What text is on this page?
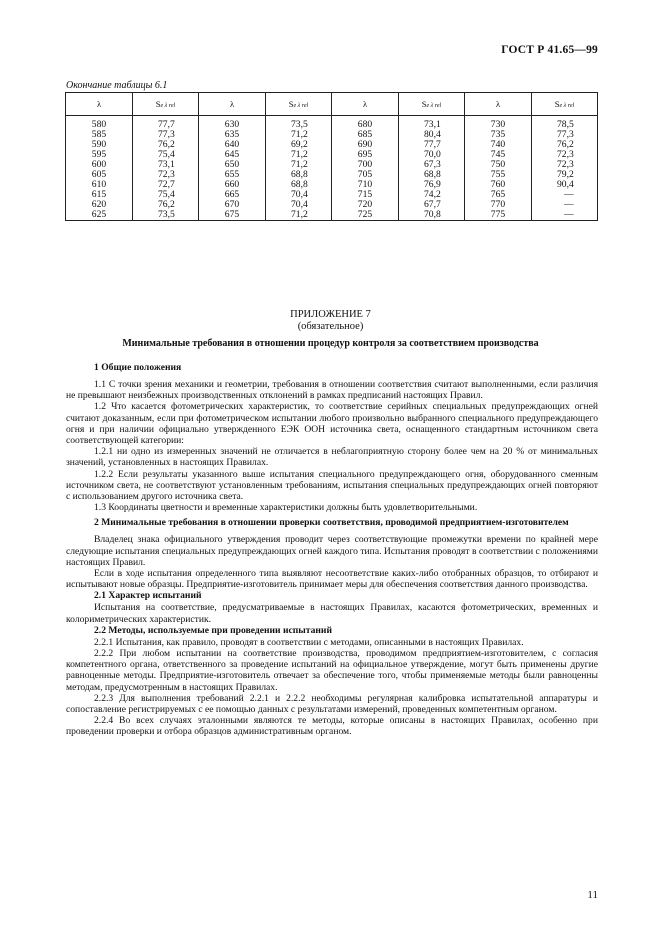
ГОСТ Р 41.65—99
Окончание таблицы 6.1
λ	Se λ rel	λ	Se λ rel	λ	Se λ rel	λ	Se λ rel
580	77,7	630	73,5	680	73,1	730	78,5
585	77,3	635	71,2	685	80,4	735	77,3
590	76,2	640	69,2	690	77,7	740	76,2
595	75,4	645	71,2	695	70,0	745	72,3
600	73,1	650	71,2	700	67,3	750	72,3
605	72,3	655	68,8	705	68,8	755	79,2
610	72,7	660	68,8	710	76,9	760	90,4
615	75,4	665	70,4	715	74,2	765	—
620	76,2	670	70,4	720	67,7	770	—
625	73,5	675	71,2	725	70,8	775	—
ПРИЛОЖЕНИЕ 7
(обязательное)
Минимальные требования в отношении процедур контроля за соответствием производства
1 Общие положения

1.1 С точки зрения механики и геометрии, требования в отношении соответствия считают выполненными, если различия не превышают неизбежных производственных отклонений в рамках предписаний настоящих Правил.

1.2 Что касается фотометрических характеристик, то соответствие серийных специальных предупреждающих огней считают доказанным, если при фотометрическом испытании любого произвольно выбранного специального предупреждающего огня и при наличии официально утвержденного ЕЭК ООН источника света, оснащенного стандартным источником света соответствующей категории:

1.2.1 ни одно из измеренных значений не отличается в неблагоприятную сторону более чем на 20 % от минимальных значений, установленных в настоящих Правилах.

1.2.2 Если результаты указанного выше испытания специального предупреждающего огня, оборудованного сменным источником света, не соответствуют установленным требованиям, испытания специальных предупреждающих огней повторяют с использованием другого источника света.

1.3 Координаты цветности и временные характеристики должны быть удовлетворительными.

2 Минимальные требования в отношении проверки соответствия, проводимой предприятием-изготовителем

Владелец знака официального утверждения проводит через соответствующие промежутки времени по крайней мере следующие испытания специальных предупреждающих огней каждого типа. Испытания проводят в соответствии с положениями настоящих Правил.

Если в ходе испытания определенного типа выявляют несоответствие каких-либо отобранных образцов, то отбирают и испытывают новые образцы. Предприятие-изготовитель принимает меры для обеспечения соответствия данного производства.

2.1 Характер испытаний

Испытания на соответствие, предусматриваемые в настоящих Правилах, касаются фотометрических, временных и колориметрических характеристик.

2.2 Методы, используемые при проведении испытаний

2.2.1 Испытания, как правило, проводят в соответствии с методами, описанными в настоящих Правилах.

2.2.2 При любом испытании на соответствие производства, проводимом предприятием-изготовителем, с согласия компетентного органа, ответственного за проведение испытаний на официальное утверждение, могут быть применены другие равноценные методы. Предприятие-изготовитель отвечает за обеспечение того, чтобы применяемые методы были равноценны методам, предусмотренным в настоящих Правилах.

2.2.3 Для выполнения требований 2.2.1 и 2.2.2 необходимы регулярная калибровка испытательной аппаратуры и сопоставление регистрируемых с ее помощью данных с результатами измерений, проведенных компетентным органом.

2.2.4 Во всех случаях эталонными являются те методы, которые описаны в настоящих Правилах, особенно при проведении проверки и отбора образцов административным органом.

11
